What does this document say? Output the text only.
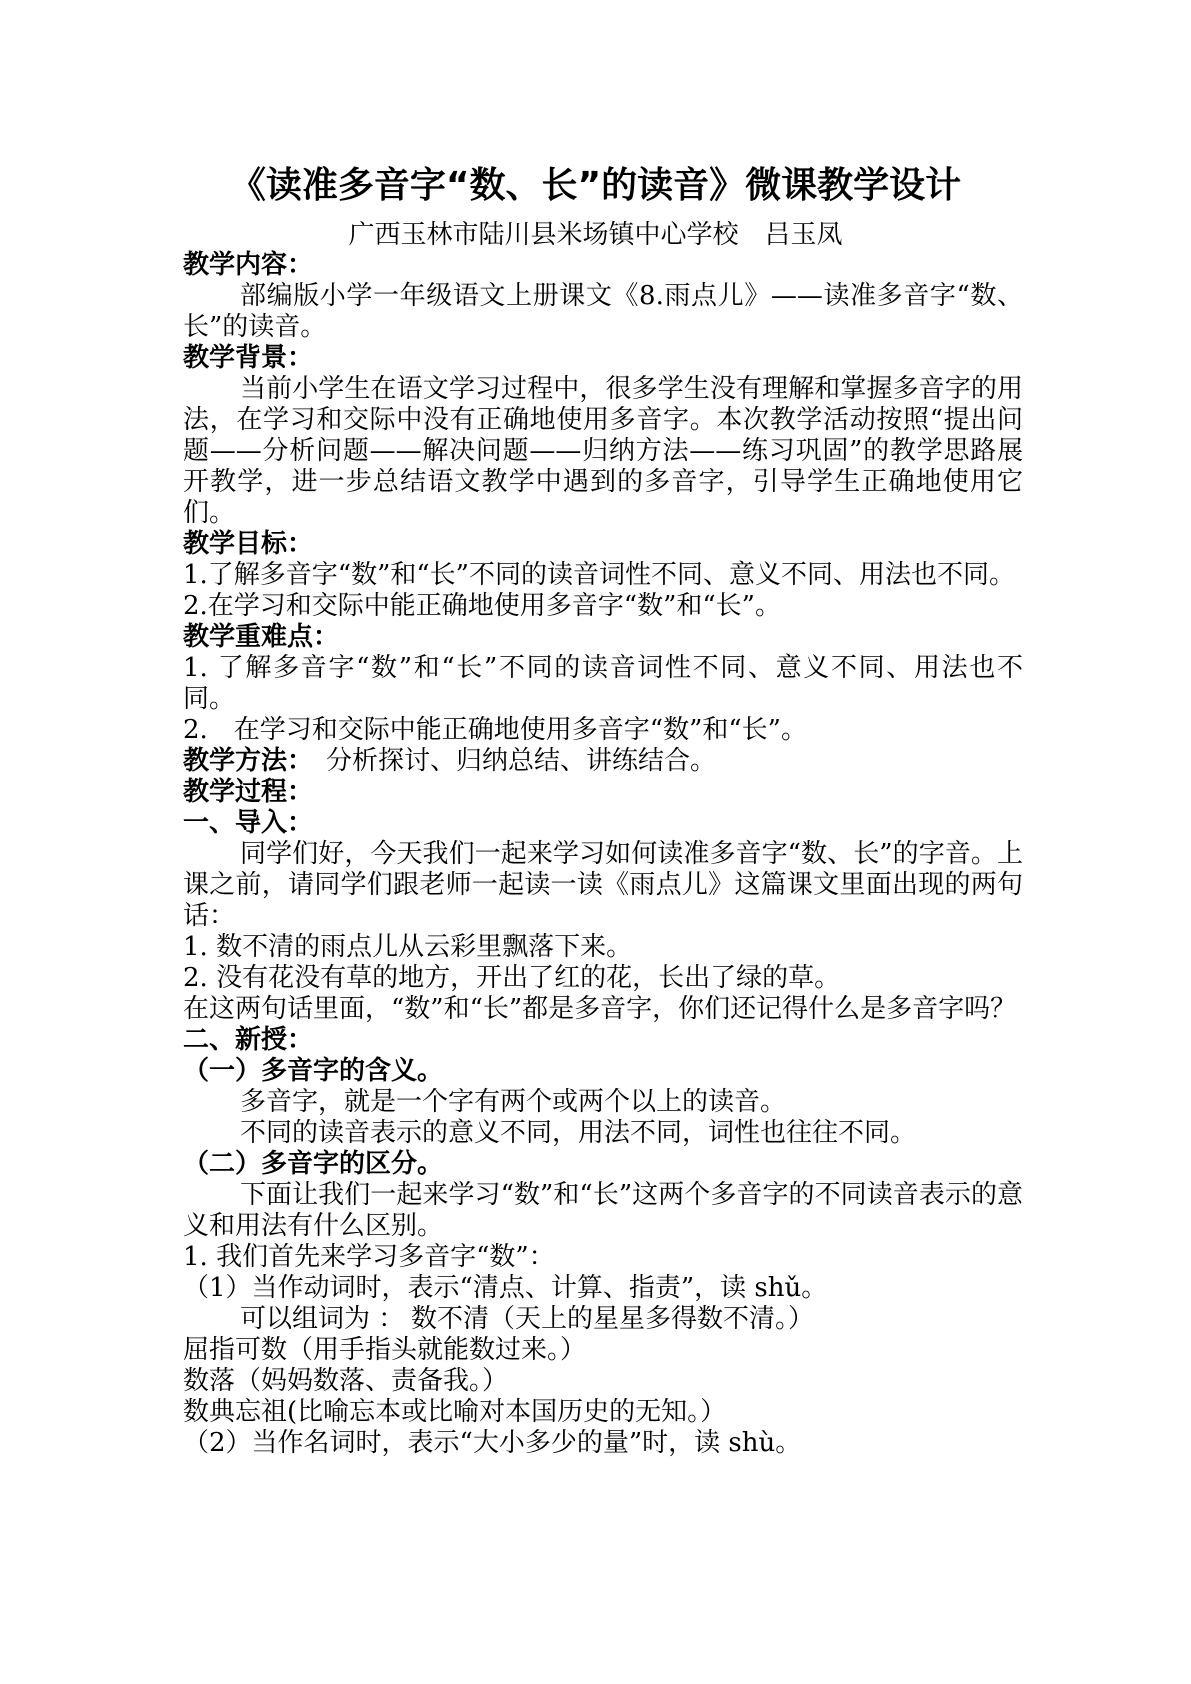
《读准多音字“数、长”的读音》微课教学设计
广西玉林市陆川县米场镇中心学校　吕玉凤

教学内容：

部编版小学一年级语文上册课文《8.雨点儿》——读准多音字“数、长”的读音。

教学背景：

当前小学生在语文学习过程中，很多学生没有理解和掌握多音字的用法，在学习和交际中没有正确地使用多音字。本次教学活动按照“提出问题——分析问题——解决问题——归纳方法——练习巩固”的教学思路展开教学，进一步总结语文教学中遇到的多音字，引导学生正确地使用它们。

教学目标：

1.了解多音字“数”和“长”不同的读音词性不同、意义不同、用法也不同。

2.在学习和交际中能正确地使用多音字“数”和“长”。

教学重难点：

1. 了解多音字“数”和“长”不同的读音词性不同、意义不同、用法也不同。

2.　在学习和交际中能正确地使用多音字“数”和“长”。

教学方法：　 分析探讨、归纳总结、讲练结合。

教学过程：

一、导入：

同学们好，今天我们一起来学习如何读准多音字“数、长”的字音。上课之前，请同学们跟老师一起读一读《雨点儿》这篇课文里面出现的两句话：

1. 数不清的雨点儿从云彩里飘落下来。

2. 没有花没有草的地方，开出了红的花，长出了绿的草。

在这两句话里面，“数”和“长”都是多音字，你们还记得什么是多音字吗？

二、新授：

（一）多音字的含义。

多音字，就是一个字有两个或两个以上的读音。

不同的读音表示的意义不同，用法不同，词性也往往不同。

（二）多音字的区分。

下面让我们一起来学习“数”和“长”这两个多音字的不同读音表示的意义和用法有什么区别。

1. 我们首先来学习多音字“数”：

（1）当作动词时，表示“清点、计算、指责”，读 shǔ。

可以组词为 ： 数不清（天上的星星多得数不清。）

屈指可数（用手指头就能数过来。）

数落（妈妈数落、责备我。）

数典忘祖(比喻忘本或比喻对本国历史的无知。）

（2）当作名词时，表示“大小多少的量”时，读 shù。
